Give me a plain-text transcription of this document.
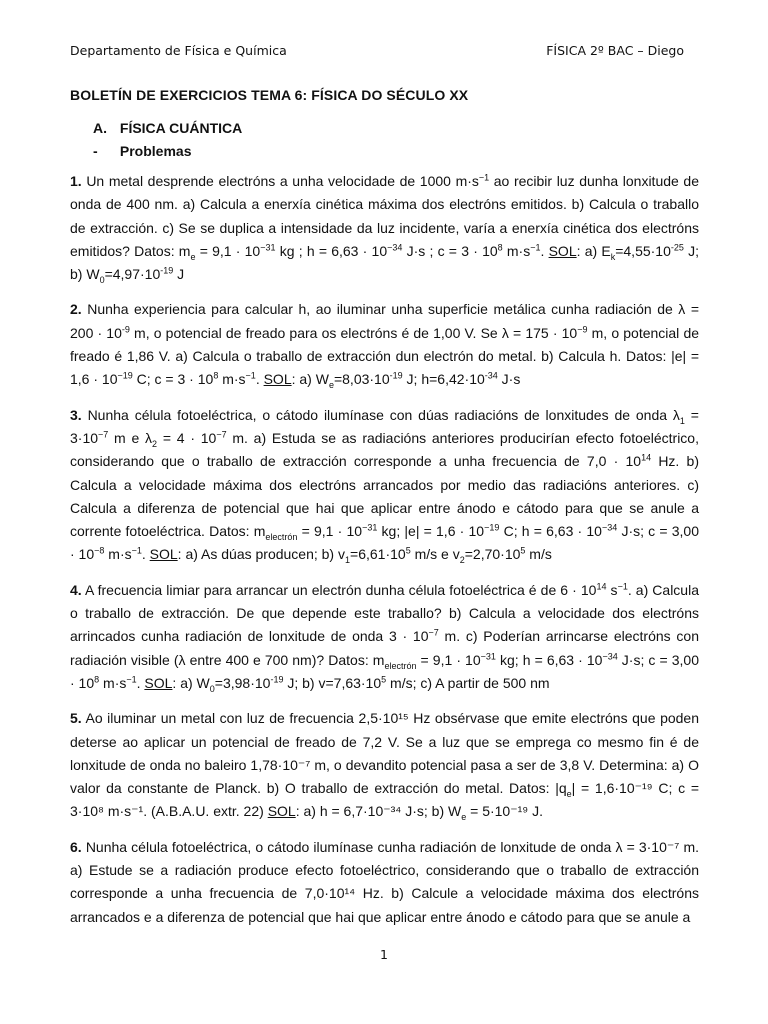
Departamento de Física e Química	FÍSICA 2º BAC – Diego
BOLETÍN DE EXERCICIOS TEMA 6: FÍSICA DO SÉCULO XX
A. FÍSICA CUÁNTICA
- Problemas

1. Un metal desprende electróns a unha velocidade de 1000 $m\cdot s^{-1}$ ao recibir luz dunha lonxitude de onda de 400 nm. a) Calcula a enerxía cinética máxima dos electróns emitidos. b) Calcula o traballo de extracción. c) Se se duplica a intensidade da luz incidente, varía a enerxía cinética dos electróns emitidos? Datos: $m_e = 9,1 \cdot 10^{-31}$ kg ; $h = 6,63 \cdot 10^{-34}$ J·s ; $c = 3 \cdot 10^8$ $m\cdot s^{-1}$. SOL: a) $E_k=4,55\cdot 10^{-25}$ J; b) $W_0=4,97\cdot 10^{-19}$ J

2. Nunha experiencia para calcular h, ao iluminar unha superficie metálica cunha radiación de $\lambda = 200 \cdot 10^{-9}$ m, o potencial de freado para os electróns é de 1,00 V. Se $\lambda = 175 \cdot 10^{-9}$ m, o potencial de freado é 1,86 V. a) Calcula o traballo de extracción dun electrón do metal. b) Calcula h. Datos: $|e| = 1,6 \cdot 10^{-19}$ C; $c = 3 \cdot 10^8$ $m\cdot s^{-1}$. SOL: a) $W_e=8,03\cdot 10^{-19}$ J; $h=6,42\cdot 10^{-34}$ J·s

3. Nunha célula fotoeléctrica, o cátodo ilumínase con dúas radiacións de lonxitudes de onda $\lambda_1 = 3\cdot 10^{-7}$ m e $\lambda_2 = 4 \cdot 10^{-7}$ m. a) Estuda se as radiacións anteriores producirían efecto fotoeléctrico, considerando que o traballo de extracción corresponde a unha frecuencia de $7,0 \cdot 10^{14}$ Hz. b) Calcula a velocidade máxima dos electróns arrancados por medio das radiacións anteriores. c) Calcula a diferenza de potencial que hai que aplicar entre ánodo e cátodo para que se anule a corrente fotoeléctrica. Datos: $m_{electrón} = 9,1 \cdot 10^{-31}$ kg; $|e| = 1,6 \cdot 10^{-19}$ C; $h = 6,63 \cdot 10^{-34}$ J·s; $c = 3,00 \cdot 10^{-8}$ $m\cdot s^{-1}$. SOL: a) As dúas producen; b) $v_1=6,61\cdot 10^5$ m/s e $v_2=2,70\cdot 10^5$ m/s

4. A frecuencia limiar para arrancar un electrón dunha célula fotoeléctrica é de $6 \cdot 10^{14}$ $s^{-1}$. a) Calcula o traballo de extracción. De que depende este traballo? b) Calcula a velocidade dos electróns arrincados cunha radiación de lonxitude de onda $3 \cdot 10^{-7}$ m. c) Poderían arrincarse electróns con radiación visible (λ entre 400 e 700 nm)? Datos: $m_{electrón} = 9,1 \cdot 10^{-31}$ kg; $h = 6,63 \cdot 10^{-34}$ J·s; $c = 3,00 \cdot 10^8$ $m\cdot s^{-1}$. SOL: a) $W_0=3,98\cdot 10^{-19}$ J; b) $v=7,63\cdot 10^5$ m/s; c) A partir de 500 nm

5. Ao iluminar un metal con luz de frecuencia 2,5·10¹⁵ Hz obsérvase que emite electróns que poden deterse ao aplicar un potencial de freado de 7,2 V. Se a luz que se emprega co mesmo fin é de lonxitude de onda no baleiro 1,78·10⁻⁷ m, o devandito potencial pasa a ser de 3,8 V. Determina: a) O valor da constante de Planck. b) O traballo de extracción do metal. Datos: $|q_e| = 1,6\cdot 10^{-19}$ C; c = 3·10⁸ m·s⁻¹. (A.B.A.U. extr. 22) SOL: a) h = 6,7·10⁻³⁴ J·s; b) $W_e = 5\cdot 10^{-19}$ J.

6. Nunha célula fotoeléctrica, o cátodo ilumínase cunha radiación de lonxitude de onda λ = 3·10⁻⁷ m. a) Estude se a radiación produce efecto fotoeléctrico, considerando que o traballo de extracción corresponde a unha frecuencia de 7,0·10¹⁴ Hz. b) Calcule a velocidade máxima dos electróns arrancados e a diferenza de potencial que hai que aplicar entre ánodo e cátodo para que se anule a

1
